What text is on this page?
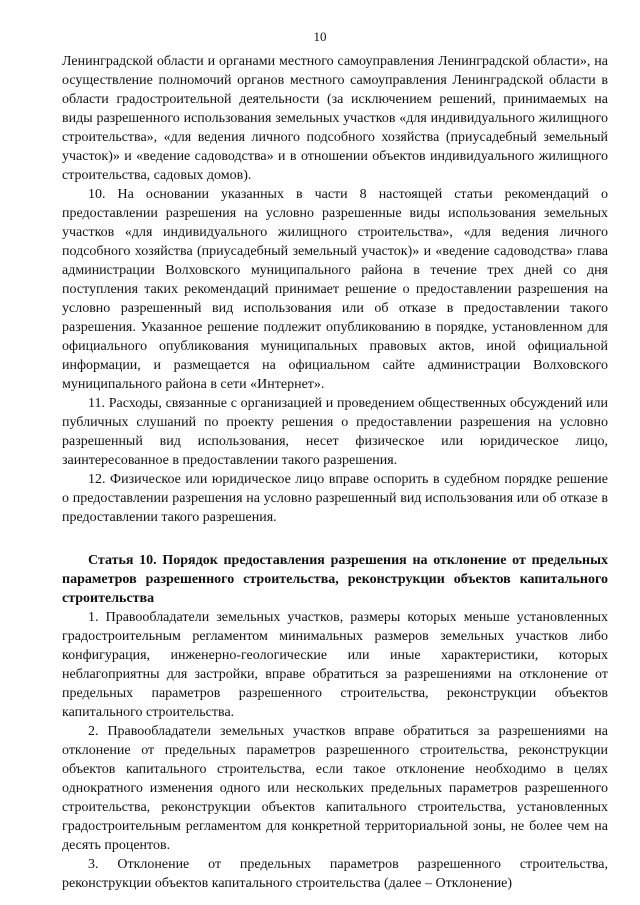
10

Ленинградской области и органами местного самоуправления Ленинградской области», на осуществление полномочий органов местного самоуправления Ленинградской области в области градостроительной деятельности (за исключением решений, принимаемых на виды разрешенного использования земельных участков «для индивидуального жилищного строительства», «для ведения личного подсобного хозяйства (приусадебный земельный участок)» и «ведение садоводства» и в отношении объектов индивидуального жилищного строительства, садовых домов).

10. На основании указанных в части 8 настоящей статьи рекомендаций о предоставлении разрешения на условно разрешенные виды использования земельных участков «для индивидуального жилищного строительства», «для ведения личного подсобного хозяйства (приусадебный земельный участок)» и «ведение садоводства» глава администрации Волховского муниципального района в течение трех дней со дня поступления таких рекомендаций принимает решение о предоставлении разрешения на условно разрешенный вид использования или об отказе в предоставлении такого разрешения. Указанное решение подлежит опубликованию в порядке, установленном для официального опубликования муниципальных правовых актов, иной официальной информации, и размещается на официальном сайте администрации Волховского муниципального района в сети «Интернет».

11. Расходы, связанные с организацией и проведением общественных обсуждений или публичных слушаний по проекту решения о предоставлении разрешения на условно разрешенный вид использования, несет физическое или юридическое лицо, заинтересованное в предоставлении такого разрешения.

12. Физическое или юридическое лицо вправе оспорить в судебном порядке решение о предоставлении разрешения на условно разрешенный вид использования или об отказе в предоставлении такого разрешения.

Статья 10. Порядок предоставления разрешения на отклонение от предельных параметров разрешенного строительства, реконструкции объектов капитального строительства

1. Правообладатели земельных участков, размеры которых меньше установленных градостроительным регламентом минимальных размеров земельных участков либо конфигурация, инженерно-геологические или иные характеристики, которых неблагоприятны для застройки, вправе обратиться за разрешениями на отклонение от предельных параметров разрешенного строительства, реконструкции объектов капитального строительства.

2. Правообладатели земельных участков вправе обратиться за разрешениями на отклонение от предельных параметров разрешенного строительства, реконструкции объектов капитального строительства, если такое отклонение необходимо в целях однократного изменения одного или нескольких предельных параметров разрешенного строительства, реконструкции объектов капитального строительства, установленных градостроительным регламентом для конкретной территориальной зоны, не более чем на десять процентов.

3. Отклонение от предельных параметров разрешенного строительства, реконструкции объектов капитального строительства (далее – Отклонение)
